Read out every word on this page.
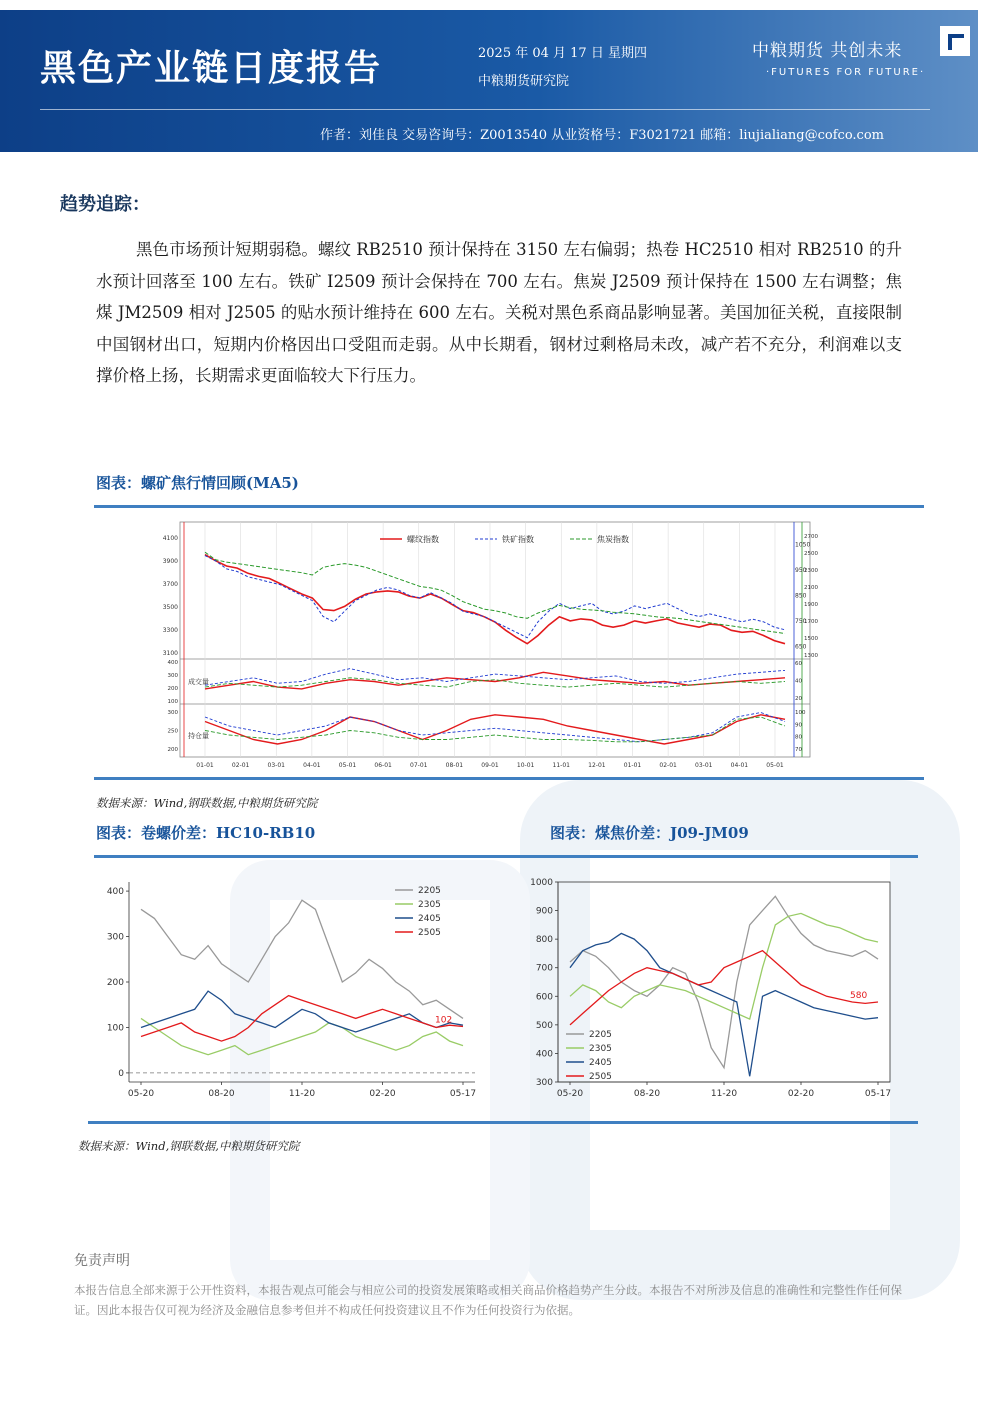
黑色产业链日度报告	2025 年 04 月 17 日 星期四
中粮期货研究院
中粮期货 共创未来
·FUTURES FOR FUTURE·
作者：刘佳良 交易咨询号：Z0013540 从业资格号：F3021721 邮箱：liujialiang@cofco.com
趋势追踪：
黑色市场预计短期弱稳。螺纹 RB2510 预计保持在 3150 左右偏弱；热卷 HC2510 相对 RB2510 的升水预计回落至 100 左右。铁矿 I2509 预计会保持在 700 左右。焦炭 J2509 预计保持在 1500 左右调整；焦煤 JM2509 相对 J2505 的贴水预计维持在 600 左右。关税对黑色系商品影响显著。美国加征关税，直接限制中国钢材出口，短期内价格因出口受阻而走弱。从中长期看，钢材过剩格局未改，减产若不充分，利润难以支撑价格上扬，长期需求更面临较大下行压力。
图表：螺矿焦行情回顾(MA5)
01-01	02-01	03-01	04-01	05-01	06-01	07-01	08-01	09-01	10-01	11-01	12-01	01-01	02-01	03-01	04-01	05-01
3100
3300
3500
3700
3900
4100
650
750
850
950
1050
1300
1500
1700
1900
2100
2300
2500
2700
螺纹指数	铁矿指数	焦炭指数
100
200
300
400
20
40
60
成交量
200
250
300
70
80
90
100
持仓量
数据来源：Wind,钢联数据,中粮期货研究院
图表：卷螺价差：HC10-RB10	图表：煤焦价差：J09-JM09
0
100
200
300
400
05-20	08-20	11-20	02-20	05-17
102
2205
2305
2405
2505
300
400
500
600
700
800
900
1000
05-20	08-20	11-20	02-20	05-17
580
2205
2305
2405
2505
数据来源：Wind,钢联数据,中粮期货研究院
免责声明
本报告信息全部来源于公开性资料，本报告观点可能会与相应公司的投资发展策略或相关商品价格趋势产生分歧。本报告不对所涉及信息的准确性和完整性作任何保证。因此本报告仅可视为经济及金融信息参考但并不构成任何投资建议且不作为任何投资行为依据。
